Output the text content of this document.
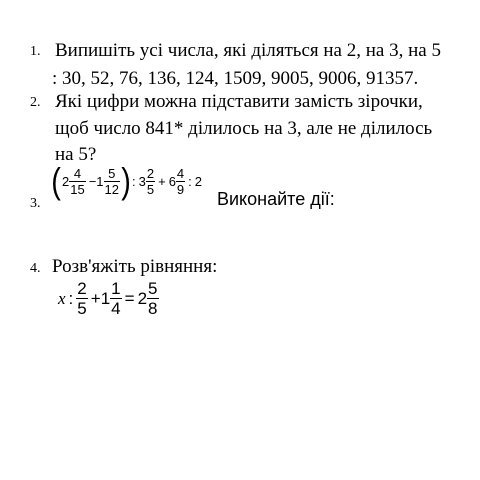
1. Випишіть усі числа, які діляться на 2, на 3, на 5
: 30, 52, 76, 136, 124, 1509, 9005, 9006, 91357.
2. Які цифри можна підставити замість зірочки,
щоб число 841* ділилось на 3, але не ділилось
на 5?
3.
( $2 \frac{4}{15} - 1 \frac{5}{12}$ ) : $3 \frac{2}{5} + 6 \frac{4}{9}$ : 2
Виконайте дії:
4. Розв'яжіть рівняння:
x : $\frac{2}{5} + 1 \frac{1}{4} = 2 \frac{5}{8}$
